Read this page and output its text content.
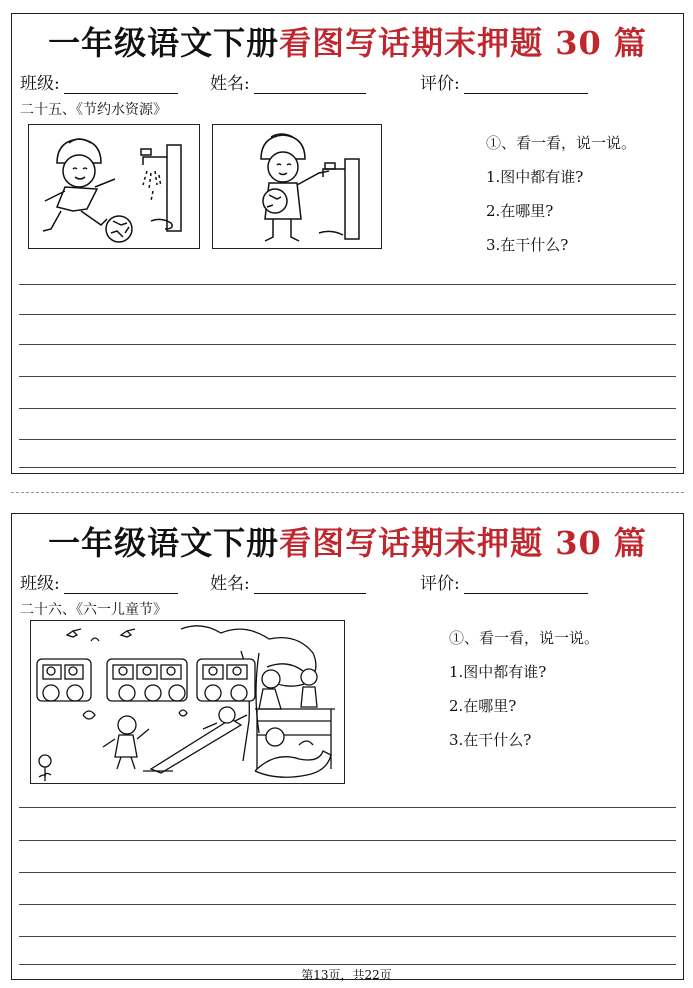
一年级语文下册看图写话期末押题 30 篇
班级:	姓名:	评价:
二十五、《节约水资源》
①、看一看，说一说。
1.图中都有谁?
2.在哪里?
3.在干什么?
一年级语文下册看图写话期末押题 30 篇
班级:	姓名:	评价:
二十六、《六一儿童节》
①、看一看，说一说。
1.图中都有谁?
2.在哪里?
3.在干什么?
第13页，共22页
